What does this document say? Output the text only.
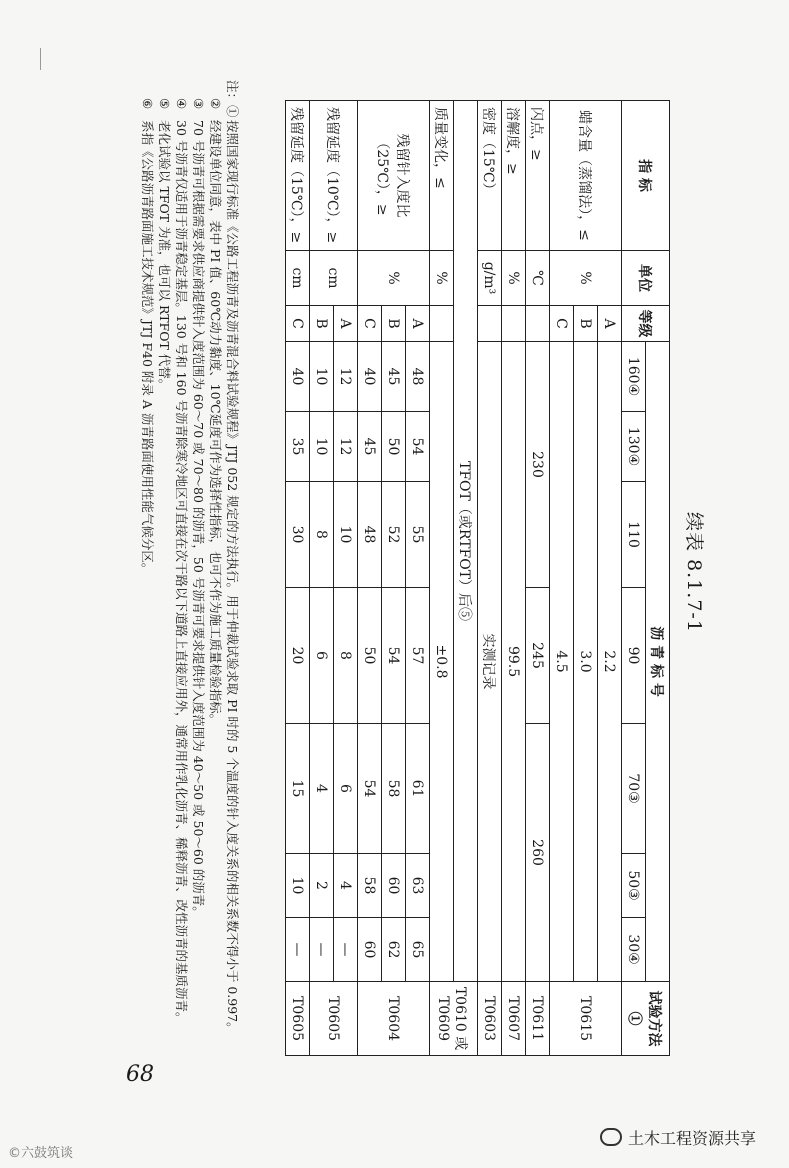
续表 8.1.7-1
指 标	单位	等级	沥 青 标 号							试验方法①
			160④	130④	110	90	70③	50③	30④	
蜡含量（蒸馏法），≤	%	A	2.2							T0615
		B	3.0							
		C	4.5							
闪点，≥	℃		230			245	260			T0611
溶解度，≥	%		99.5							T0607
密度（15℃）	g/m³		实测记录							T0603
TFOT（或RTFOT）后⑤										T0610 或 T0609
质量变化，≤	%		±0.8							
残留针入度比（25℃），≥	%	A	48	54	55	57	61	63	65	T0604
		B	45	50	52	54	58	60	62	
		C	40	45	48	50	54	58	60	
残留延度（10℃），≥	cm	A	12	12	10	8	6	4	—	T0605
		B	10	10	8	6	4	2	—	
残留延度（15℃），≥	cm	C	40	35	30	20	15	10	—	T0605
注：①
按照国家现行标准《公路工程沥青及沥青混合料试验规程》JTJ 052 规定的方法执行。用于仲裁试验求取 PI 时的 5 个温度的针入度关系的相关系数不得小于 0.997。
②
经建设单位同意，表中 PI 值、60℃动力黏度、10℃延度可作为选择性指标，也可不作为施工质量检验指标。
③
70 号沥青可根据需要求供应商提供针入度范围为 60～70 或 70～80 的沥青，50 号沥青可要求提供针入度范围为 40～50 或 50～60 的沥青。
④
30 号沥青仅适用于沥青稳定基层。130 号和 160 号沥青除寒冷地区可直接在次干路以下道路上直接应用外，通常用作乳化沥青、稀释沥青、改性沥青的基质沥青。
⑤
老化试验以 TFOT 为准，也可以 RTFOT 代替。
⑥
系指《公路沥青路面施工技术规范》JTJ F40 附录 A 沥青路面使用性能气候分区。
68
©六鼓筑谈
土木工程资源共享
